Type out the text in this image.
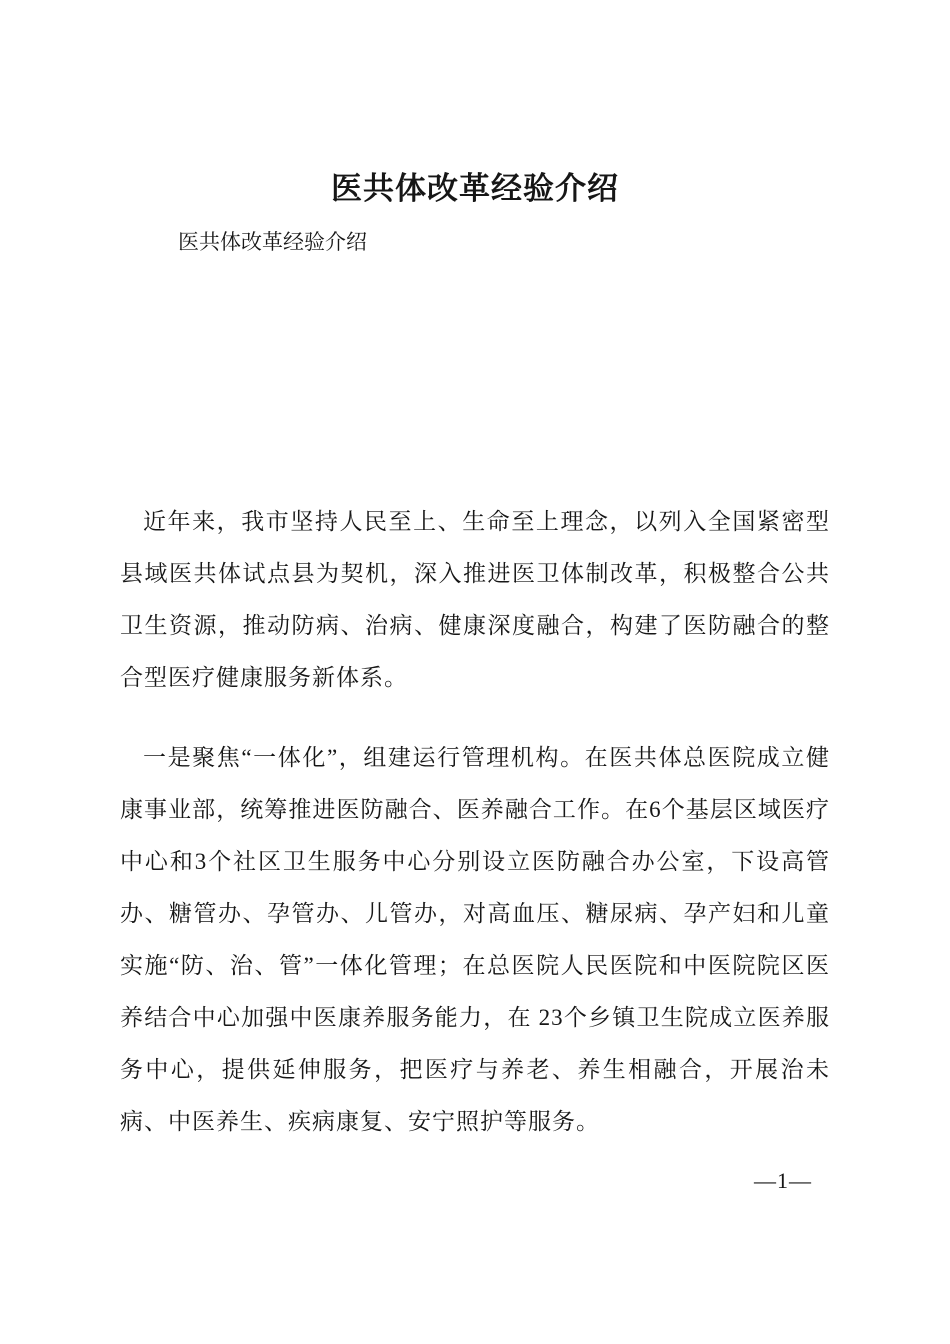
医共体改革经验介绍
医共体改革经验介绍

近年来，我市坚持人民至上、生命至上理念，以列入全国紧密型县域医共体试点县为契机，深入推进医卫体制改革，积极整合公共卫生资源，推动防病、治病、健康深度融合，构建了医防融合的整合型医疗健康服务新体系。

一是聚焦“一体化”，组建运行管理机构。在医共体总医院成立健康事业部，统筹推进医防融合、医养融合工作。在6个基层区域医疗中心和3个社区卫生服务中心分别设立医防融合办公室，下设高管办、糖管办、孕管办、儿管办，对高血压、糖尿病、孕产妇和儿童实施“防、治、管”一体化管理；在总医院人民医院和中医院院区医养结合中心加强中医康养服务能力，在 23个乡镇卫生院成立医养服务中心，提供延伸服务，把医疗与养老、养生相融合，开展治未病、中医养生、疾病康复、安宁照护等服务。

—1—
